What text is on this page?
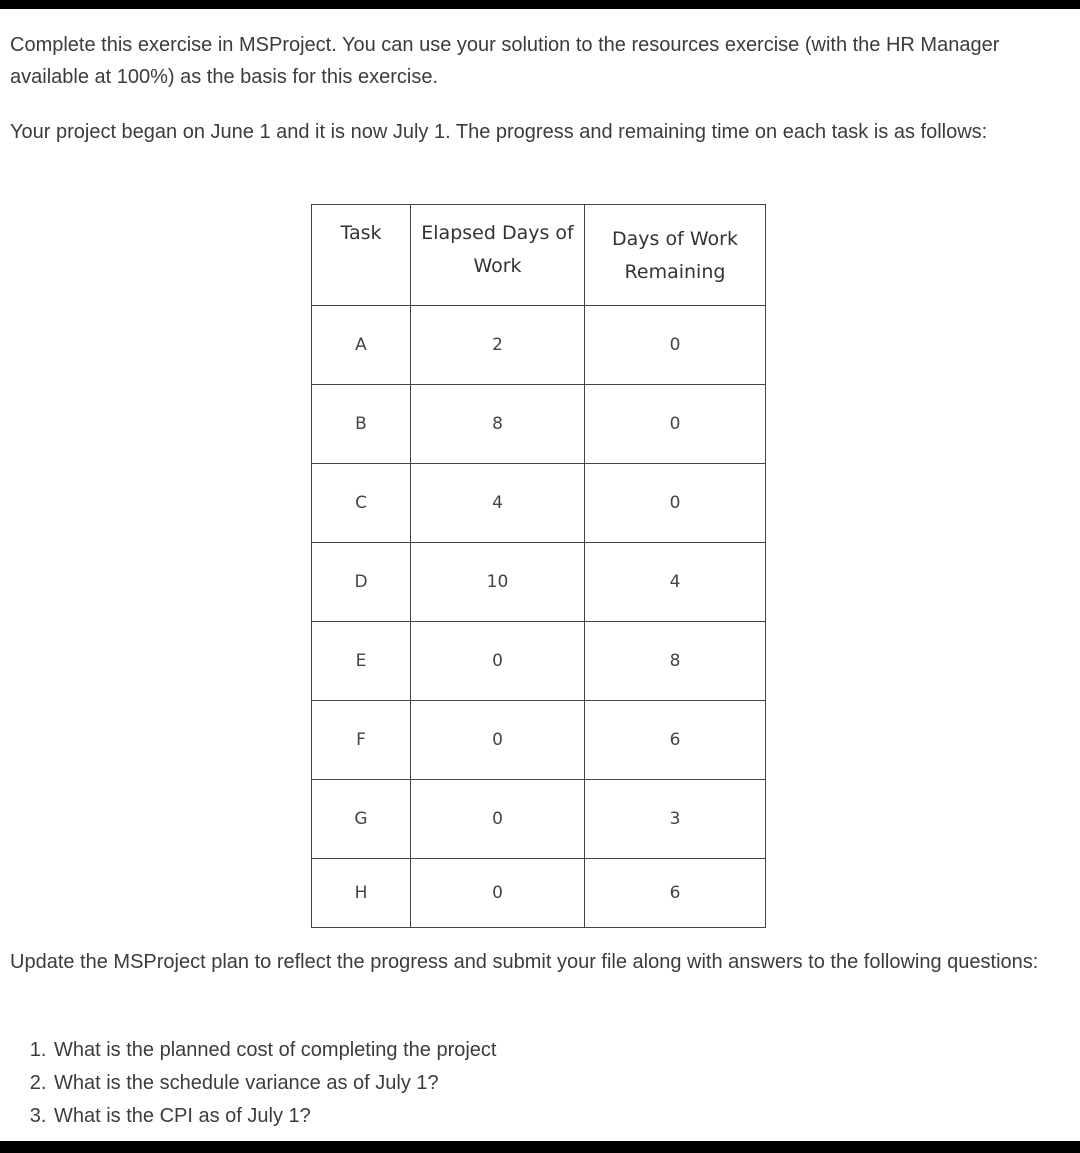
Complete this exercise in MSProject. You can use your solution to the resources exercise (with the HR Manager available at 100%) as the basis for this exercise.

Your project began on June 1 and it is now July 1. The progress and remaining time on each task is as follows:

Task	Elapsed Days of Work	Days of Work Remaining
A	2	0
B	8	0
C	4	0
D	10	4
E	0	8
F	0	6
G	0	3
H	0	6

Update the MSProject plan to reflect the progress and submit your file along with answers to the following questions:

1. What is the planned cost of completing the project
2. What is the schedule variance as of July 1?
3. What is the CPI as of July 1?
